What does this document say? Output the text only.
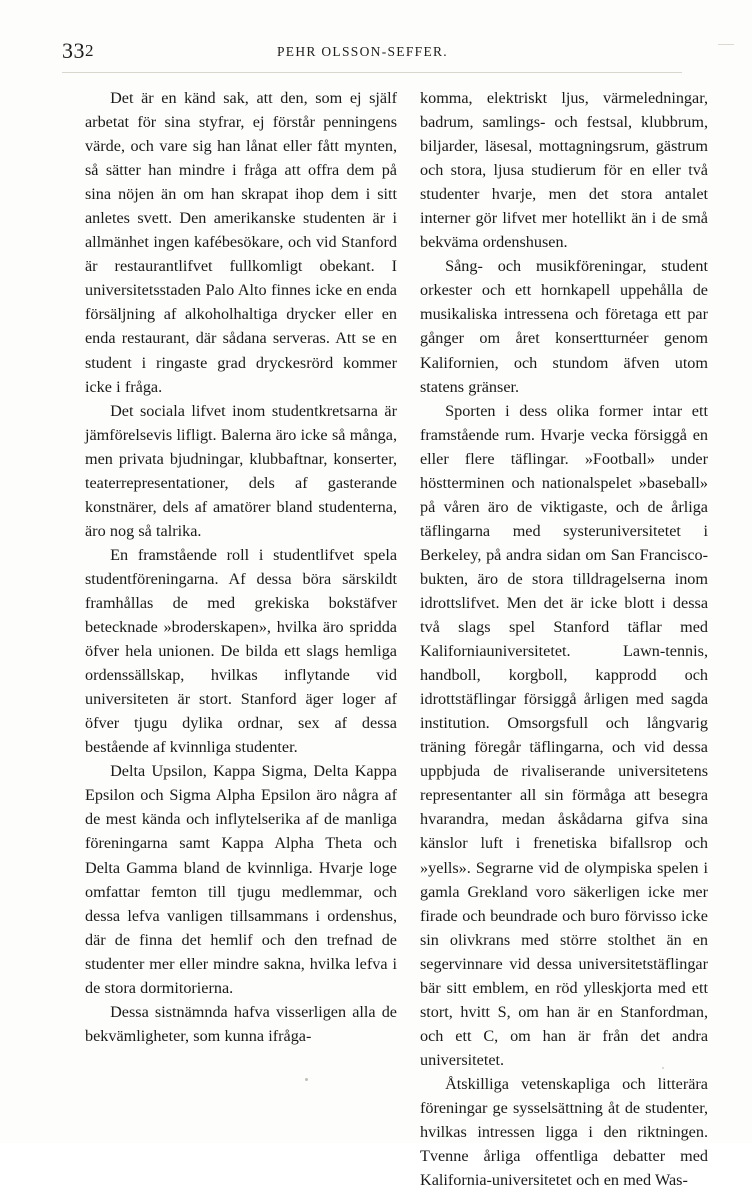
332	PEHR OLSSON-SEFFER.

Det är en känd sak, att den, som ej själf arbetat för sina styfrar, ej förstår penningens värde, och vare sig han lånat eller fått mynten, så sätter han mindre i fråga att offra dem på sina nöjen än om han skrapat ihop dem i sitt anletes svett. Den amerikanske studenten är i allmänhet ingen kafébesökare, och vid Stanford är restaurantlifvet fullkomligt obekant. I universitetsstaden Palo Alto finnes icke en enda försäljning af alkoholhaltiga drycker eller en enda restaurant, där sådana serveras. Att se en student i ringaste grad dryckesrörd kommer icke i fråga.

Det sociala lifvet inom studentkretsarna är jämförelsevis lifligt. Balerna äro icke så många, men privata bjudningar, klubbaftnar, konserter, teaterrepresentationer, dels af gasterande konstnärer, dels af amatörer bland studenterna, äro nog så talrika.

En framstående roll i studentlifvet spela studentföreningarna. Af dessa böra särskildt framhållas de med grekiska bokstäfver betecknade »broderskapen», hvilka äro spridda öfver hela unionen. De bilda ett slags hemliga ordenssällskap, hvilkas inflytande vid universiteten är stort. Stanford äger loger af öfver tjugu dylika ordnar, sex af dessa bestående af kvinnliga studenter.

Delta Upsilon, Kappa Sigma, Delta Kappa Epsilon och Sigma Alpha Epsilon äro några af de mest kända och inflytelserika af de manliga föreningarna samt Kappa Alpha Theta och Delta Gamma bland de kvinnliga. Hvarje loge omfattar femton till tjugu medlemmar, och dessa lefva vanligen tillsammans i ordenshus, där de finna det hemlif och den trefnad de studenter mer eller mindre sakna, hvilka lefva i de stora dormitorierna.

Dessa sistnämnda hafva visserligen alla de bekvämligheter, som kunna ifråga-

komma, elektriskt ljus, värmeledningar, badrum, samlings- och festsal, klubbrum, biljarder, läsesal, mottagningsrum, gästrum och stora, ljusa studierum för en eller två studenter hvarje, men det stora antalet interner gör lifvet mer hotellikt än i de små bekväma ordenshusen.

Sång- och musikföreningar, student orkester och ett hornkapell uppehålla de musikaliska intressena och företaga ett par gånger om året konsertturnéer genom Kalifornien, och stundom äfven utom statens gränser.

Sporten i dess olika former intar ett framstående rum. Hvarje vecka försiggå en eller flere täflingar. »Football» under höstterminen och nationalspelet »baseball» på våren äro de viktigaste, och de årliga täflingarna med systeruniversitetet i Berkeley, på andra sidan om San Francisco-bukten, äro de stora tilldragelserna inom idrottslifvet. Men det är icke blott i dessa två slags spel Stanford täflar med Kaliforniauniversitetet. Lawn-tennis, handboll, korgboll, kapprodd och idrottstäflingar försiggå årligen med sagda institution. Omsorgsfull och långvarig träning föregår täflingarna, och vid dessa uppbjuda de rivaliserande universitetens representanter all sin förmåga att besegra hvarandra, medan åskådarna gifva sina känslor luft i frenetiska bifallsrop och »yells». Segrarne vid de olympiska spelen i gamla Grekland voro säkerligen icke mer firade och beundrade och buro förvisso icke sin olivkrans med större stolthet än en segervinnare vid dessa universitetstäflingar bär sitt emblem, en röd ylleskjorta med ett stort, hvitt S, om han är en Stanfordman, och ett C, om han är från det andra universitetet.

Åtskilliga vetenskapliga och litterära föreningar ge sysselsättning åt de studenter, hvilkas intressen ligga i den riktningen. Tvenne årliga offentliga debatter med Kalifornia-universitetet och en med Was-
